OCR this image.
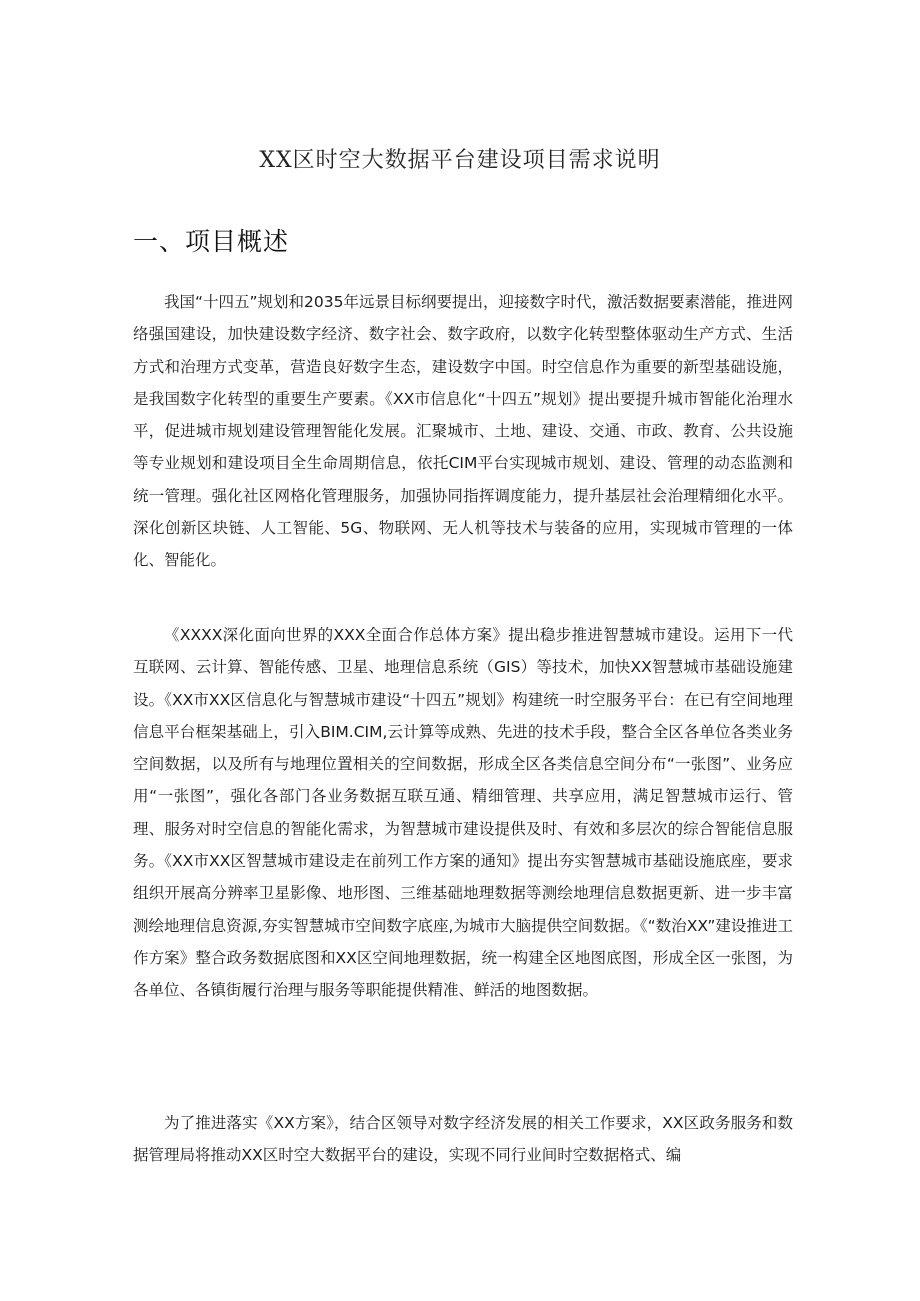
XX区时空大数据平台建设项目需求说明
一、项目概述

我国“十四五”规划和2035年远景目标纲要提出，迎接数字时代，激活数据要素潜能，推进网络强国建设，加快建设数字经济、数字社会、数字政府，以数字化转型整体驱动生产方式、生活方式和治理方式变革，营造良好数字生态，建设数字中国。时空信息作为重要的新型基础设施，是我国数字化转型的重要生产要素。《XX市信息化“十四五”规划》提出要提升城市智能化治理水平，促进城市规划建设管理智能化发展。汇聚城市、土地、建设、交通、市政、教育、公共设施等专业规划和建设项目全生命周期信息，依托CIM平台实现城市规划、建设、管理的动态监测和统一管理。强化社区网格化管理服务，加强协同指挥调度能力，提升基层社会治理精细化水平。深化创新区块链、人工智能、5G、物联网、无人机等技术与装备的应用，实现城市管理的一体化、智能化。

《XXXX深化面向世界的XXX全面合作总体方案》提出稳步推进智慧城市建设。运用下一代互联网、云计算、智能传感、卫星、地理信息系统（GIS）等技术，加快XX智慧城市基础设施建设。《XX市XX区信息化与智慧城市建设“十四五”规划》构建统一时空服务平台：在已有空间地理信息平台框架基础上，引入BIM.CIM,云计算等成熟、先进的技术手段，整合全区各单位各类业务空间数据，以及所有与地理位置相关的空间数据，形成全区各类信息空间分布“一张图”、业务应用“一张图”，强化各部门各业务数据互联互通、精细管理、共享应用，满足智慧城市运行、管理、服务对时空信息的智能化需求，为智慧城市建设提供及时、有效和多层次的综合智能信息服务。《XX市XX区智慧城市建设走在前列工作方案的通知》提出夯实智慧城市基础设施底座，要求组织开展高分辨率卫星影像、地形图、三维基础地理数据等测绘地理信息数据更新、进一步丰富测绘地理信息资源,夯实智慧城市空间数字底座,为城市大脑提供空间数据。《“数治XX”建设推进工作方案》整合政务数据底图和XX区空间地理数据，统一构建全区地图底图，形成全区一张图，为各单位、各镇街履行治理与服务等职能提供精准、鲜活的地图数据。

为了推进落实《XX方案》，结合区领导对数字经济发展的相关工作要求，XX区政务服务和数据管理局将推动XX区时空大数据平台的建设，实现不同行业间时空数据格式、编
